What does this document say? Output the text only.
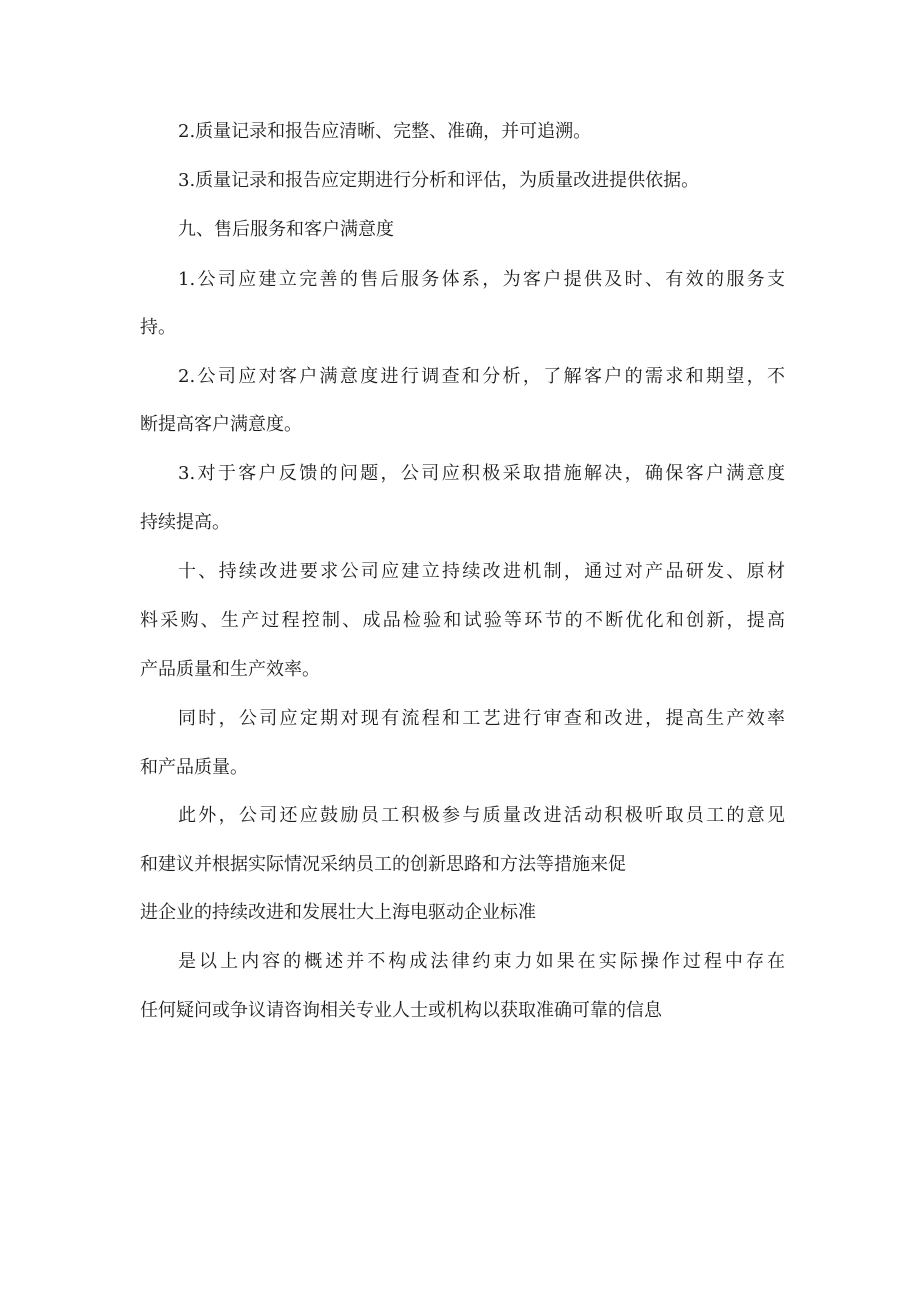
2.质量记录和报告应清晰、完整、准确，并可追溯。

3.质量记录和报告应定期进行分析和评估，为质量改进提供依据。

九、售后服务和客户满意度

1.公司应建立完善的售后服务体系，为客户提供及时、有效的服务支

持。

2.公司应对客户满意度进行调查和分析，了解客户的需求和期望，不

断提高客户满意度。

3.对于客户反馈的问题，公司应积极采取措施解决，确保客户满意度

持续提高。

十、持续改进要求公司应建立持续改进机制，通过对产品研发、原材

料采购、生产过程控制、成品检验和试验等环节的不断优化和创新，提高

产品质量和生产效率。

同时，公司应定期对现有流程和工艺进行审查和改进，提高生产效率

和产品质量。

此外，公司还应鼓励员工积极参与质量改进活动积极听取员工的意见

和建议并根据实际情况采纳员工的创新思路和方法等措施来促

进企业的持续改进和发展壮大上海电驱动企业标准

是以上内容的概述并不构成法律约束力如果在实际操作过程中存在

任何疑问或争议请咨询相关专业人士或机构以获取准确可靠的信息
